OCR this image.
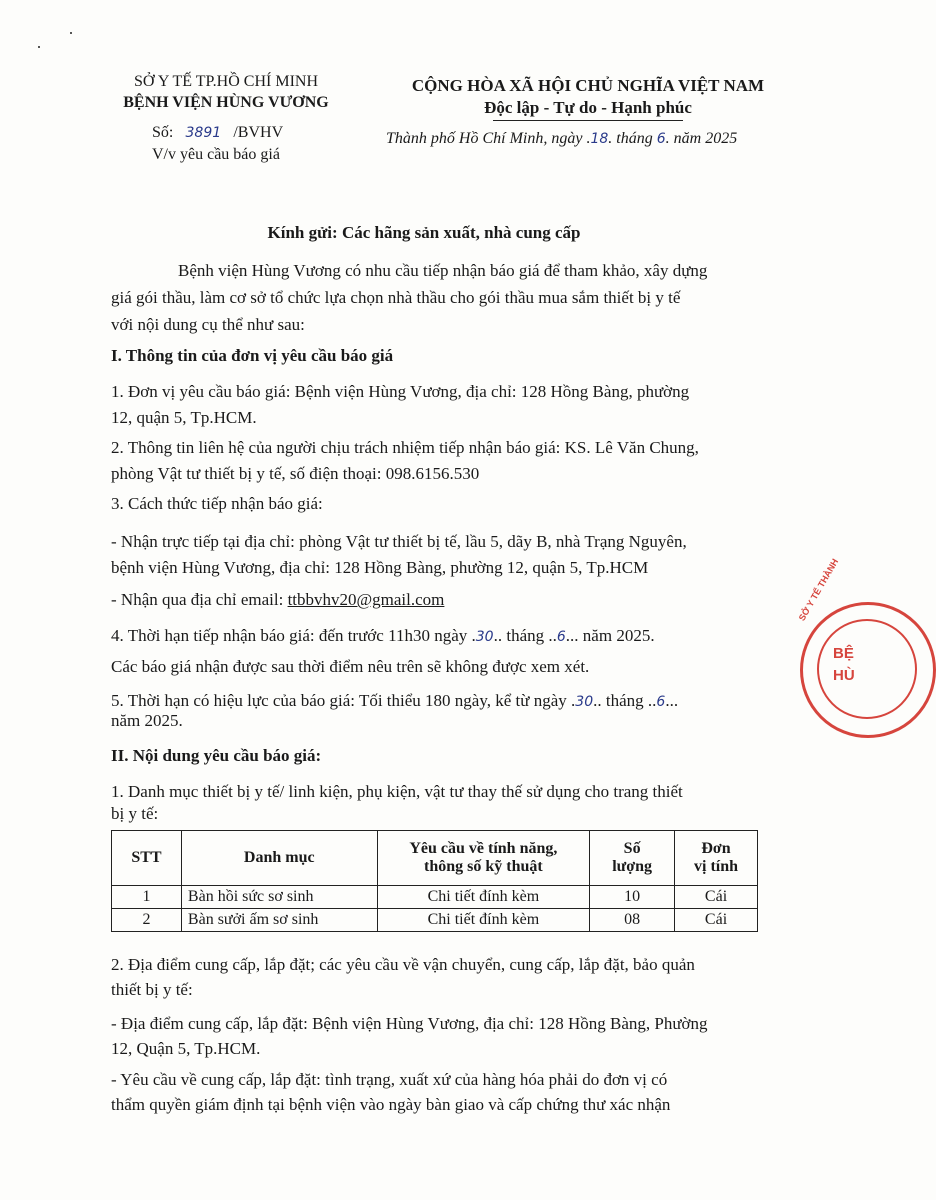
SỞ Y TẾ TP.HỒ CHÍ MINH
BỆNH VIỆN HÙNG VƯƠNG
Số: 3891 /BVHV
V/v yêu cầu báo giá
CỘNG HÒA XÃ HỘI CHỦ NGHĨA VIỆT NAM
Độc lập - Tự do - Hạnh phúc
Thành phố Hồ Chí Minh, ngày .18. tháng 6. năm 2025
Kính gửi: Các hãng sản xuất, nhà cung cấp
Bệnh viện Hùng Vương có nhu cầu tiếp nhận báo giá để tham khảo, xây dựng
giá gói thầu, làm cơ sở tổ chức lựa chọn nhà thầu cho gói thầu mua sắm thiết bị y tế
với nội dung cụ thể như sau:
I. Thông tin của đơn vị yêu cầu báo giá
1. Đơn vị yêu cầu báo giá: Bệnh viện Hùng Vương, địa chỉ: 128 Hồng Bàng, phường
12, quận 5, Tp.HCM.
2. Thông tin liên hệ của người chịu trách nhiệm tiếp nhận báo giá: KS. Lê Văn Chung,
phòng Vật tư thiết bị y tế, số điện thoại: 098.6156.530
3. Cách thức tiếp nhận báo giá:
- Nhận trực tiếp tại địa chỉ: phòng Vật tư thiết bị tế, lầu 5, dãy B, nhà Trạng Nguyên,
bệnh viện Hùng Vương, địa chỉ: 128 Hồng Bàng, phường 12, quận 5, Tp.HCM
- Nhận qua địa chỉ email: ttbbvhv20@gmail.com
4. Thời hạn tiếp nhận báo giá: đến trước 11h30 ngày .30.. tháng ..6... năm 2025.
Các báo giá nhận được sau thời điểm nêu trên sẽ không được xem xét.
5. Thời hạn có hiệu lực của báo giá: Tối thiểu 180 ngày, kể từ ngày .30.. tháng ..6...
năm 2025.
II. Nội dung yêu cầu báo giá:
1. Danh mục thiết bị y tế/ linh kiện, phụ kiện, vật tư thay thế sử dụng cho trang thiết
bị y tế:
STT	Danh mục	Yêu cầu về tính năng,
thông số kỹ thuật	Số
lượng	Đơn
vị tính
1	Bàn hồi sức sơ sinh	Chi tiết đính kèm	10	Cái
2	Bàn sưởi ấm sơ sinh	Chi tiết đính kèm	08	Cái
2. Địa điểm cung cấp, lắp đặt; các yêu cầu về vận chuyển, cung cấp, lắp đặt, bảo quản
thiết bị y tế:
- Địa điểm cung cấp, lắp đặt: Bệnh viện Hùng Vương, địa chỉ: 128 Hồng Bàng, Phường
12, Quận 5, Tp.HCM.
- Yêu cầu về cung cấp, lắp đặt: tình trạng, xuất xứ của hàng hóa phải do đơn vị có
thẩm quyền giám định tại bệnh viện vào ngày bàn giao và cấp chứng thư xác nhận
BỆ
HÙ
SỞ Y TẾ THÀNH
